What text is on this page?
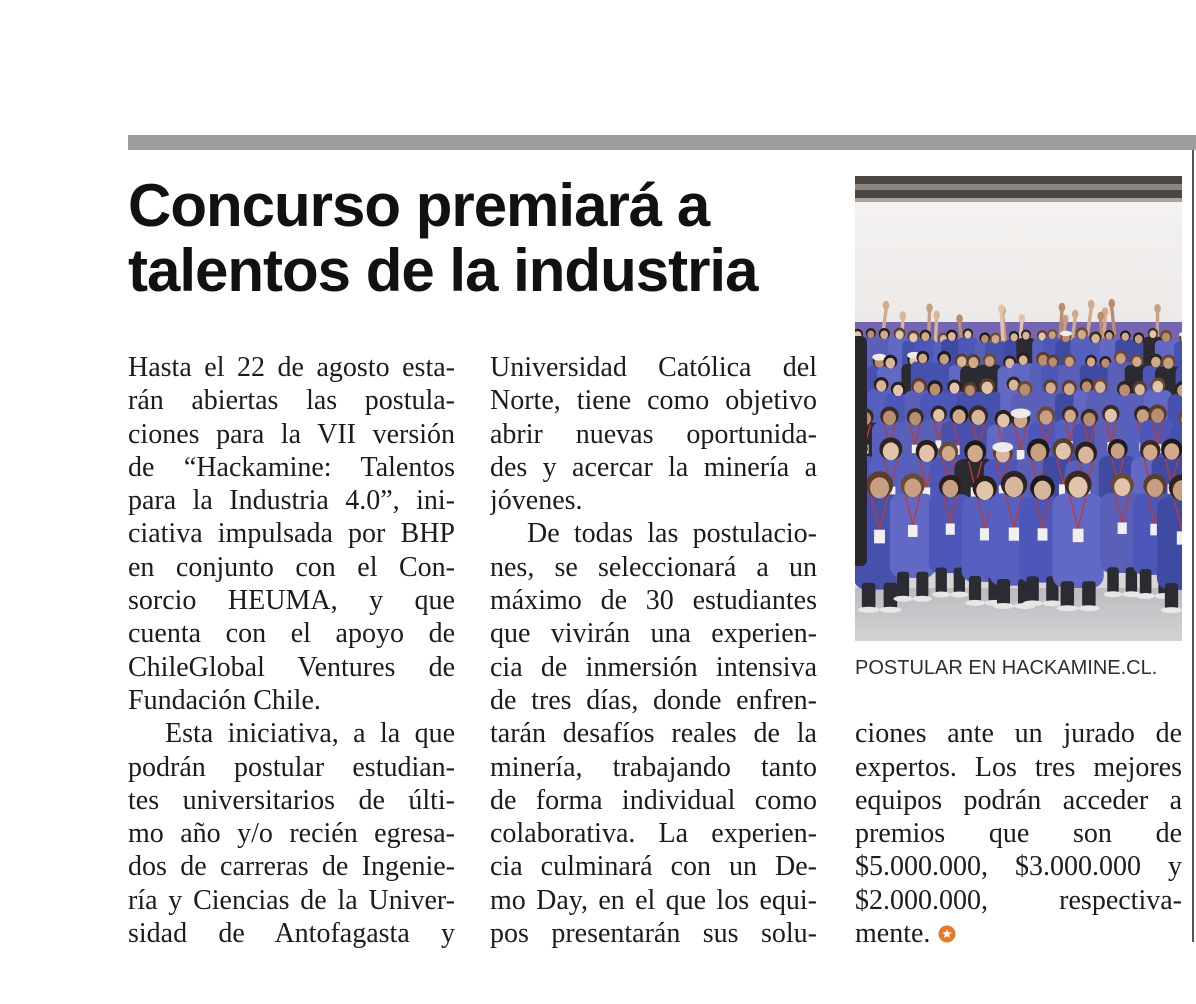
Concurso premiará a
talentos de la industria
Hasta el 22 de agosto esta-
rán abiertas las postula-
ciones para la VII versión
de “Hackamine: Talentos
para la Industria 4.0”, ini-
ciativa impulsada por BHP
en conjunto con el Con-
sorcio HEUMA, y que
cuenta con el apoyo de
ChileGlobal Ventures de
Fundación Chile.
Esta iniciativa, a la que
podrán postular estudian-
tes universitarios de últi-
mo año y/o recién egresa-
dos de carreras de Ingenie-
ría y Ciencias de la Univer-
sidad de Antofagasta y
Universidad Católica del
Norte, tiene como objetivo
abrir nuevas oportunida-
des y acercar la minería a
jóvenes.
De todas las postulacio-
nes, se seleccionará a un
máximo de 30 estudiantes
que vivirán una experien-
cia de inmersión intensiva
de tres días, donde enfren-
tarán desafíos reales de la
minería, trabajando tanto
de forma individual como
colaborativa. La experien-
cia culminará con un De-
mo Day, en el que los equi-
pos presentarán sus solu-
POSTULAR EN HACKAMINE.CL.
ciones ante un jurado de
expertos. Los tres mejores
equipos podrán acceder a
premios que son de
$5.000.000, $3.000.000 y
$2.000.000, respectiva-
mente.
